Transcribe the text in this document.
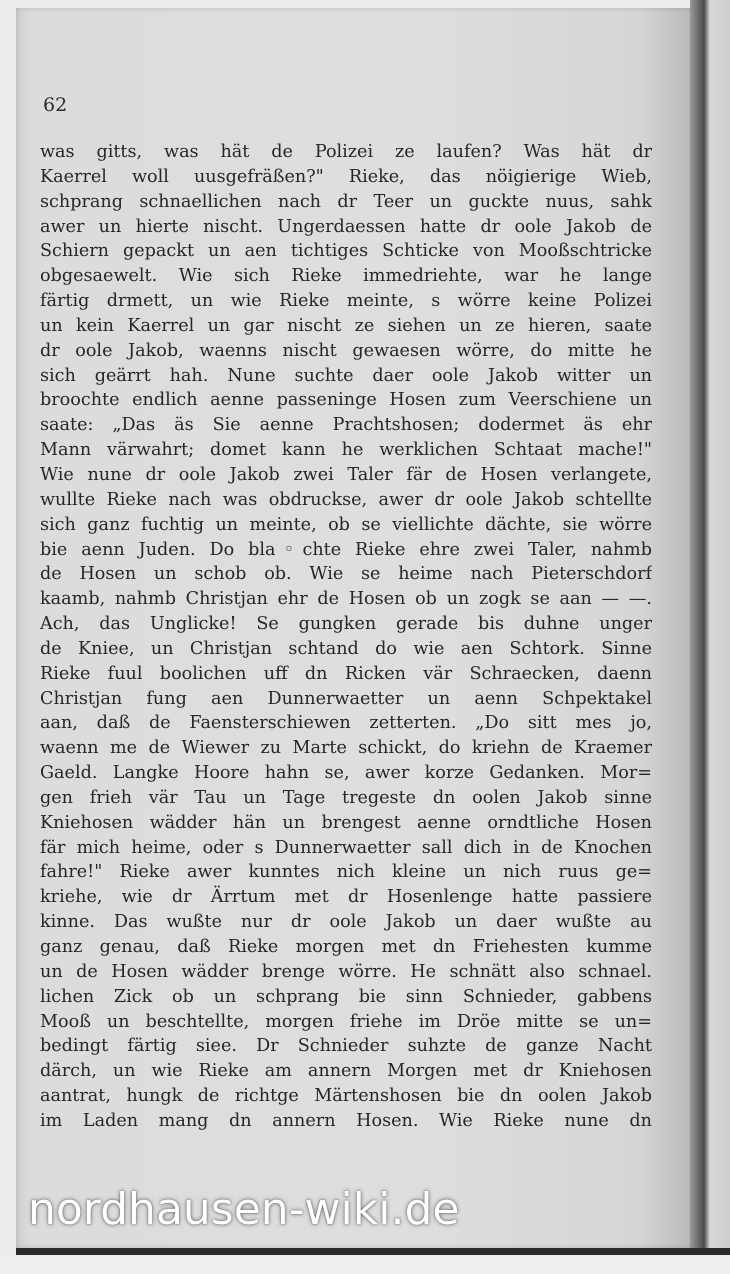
62
was gitts, was hät de Polizei ze laufen? Was hät dr
Kaerrel woll uusgefräßen?" Rieke, das nöigierige Wieb,
schprang schnaellichen nach dr Teer un guckte nuus, sahk
awer un hierte nischt. Ungerdaessen hatte dr oole Jakob de
Schiern gepackt un aen tichtiges Schticke von Mooßschtricke
obgesaewelt. Wie sich Rieke immedriehte, war he lange
färtig drmett, un wie Rieke meinte, s wörre keine Polizei
un kein Kaerrel un gar nischt ze siehen un ze hieren, saate
dr oole Jakob, waenns nischt gewaesen wörre, do mitte he
sich geärrt hah. Nune suchte daer oole Jakob witter un
broochte endlich aenne passeninge Hosen zum Veerschiene un
saate: „Das äs Sie aenne Prachtshosen; dodermet äs ehr
Mann värwahrt; domet kann he werklichen Schtaat mache!"
Wie nune dr oole Jakob zwei Taler fär de Hosen verlangete,
wullte Rieke nach was obdruckse, awer dr oole Jakob schtellte
sich ganz fuchtig un meinte, ob se viellichte dächte, sie wörre
bie aenn Juden. Do bla◦chte Rieke ehre zwei Taler, nahmb
de Hosen un schob ob. Wie se heime nach Pieterschdorf
kaamb, nahmb Christjan ehr de Hosen ob un zogk se aan — —.
Ach, das Unglicke! Se gungken gerade bis duhne unger
de Kniee, un Christjan schtand do wie aen Schtork. Sinne
Rieke fuul boolichen uff dn Ricken vär Schraecken, daenn
Christjan fung aen Dunnerwaetter un aenn Schpektakel
aan, daß de Faensterschiewen zetterten. „Do sitt mes jo,
waenn me de Wiewer zu Marte schickt, do kriehn de Kraemer
Gaeld. Langke Hoore hahn se, awer korze Gedanken. Mor=
gen frieh vär Tau un Tage tregeste dn oolen Jakob sinne
Kniehosen wädder hän un brengest aenne orndtliche Hosen
fär mich heime, oder s Dunnerwaetter sall dich in de Knochen
fahre!" Rieke awer kunntes nich kleine un nich ruus ge=
kriehe, wie dr Ärrtum met dr Hosenlenge hatte passiere
kinne. Das wußte nur dr oole Jakob un daer wußte au
ganz genau, daß Rieke morgen met dn Friehesten kumme
un de Hosen wädder brenge wörre. He schnätt also schnael.
lichen Zick ob un schprang bie sinn Schnieder, gabbens
Mooß un beschtellte, morgen friehe im Dröe mitte se un=
bedingt färtig siee. Dr Schnieder suhzte de ganze Nacht
därch, un wie Rieke am annern Morgen met dr Kniehosen
aantrat, hungk de richtge Märtenshosen bie dn oolen Jakob
im Laden mang dn annern Hosen. Wie Rieke nune dn
nordhausen-wiki.de
